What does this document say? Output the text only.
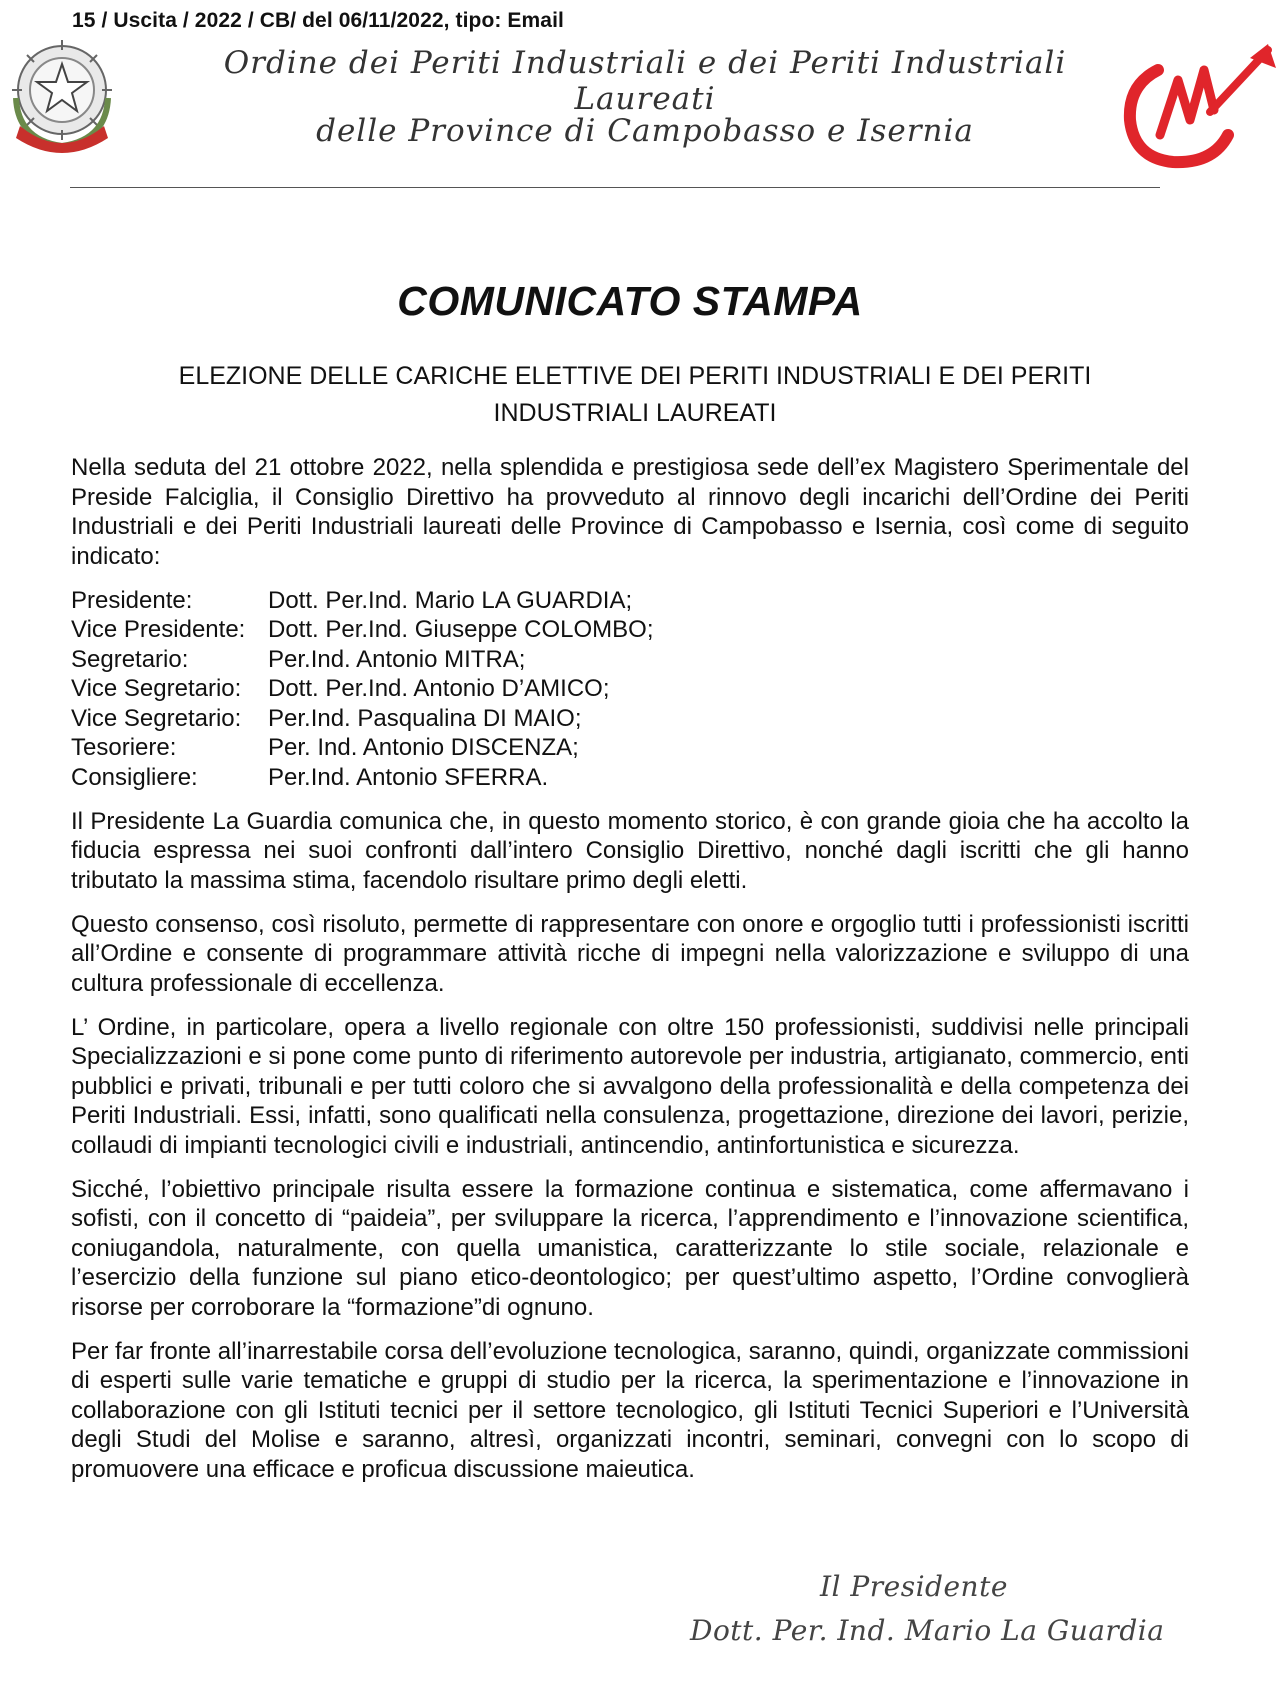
15 / Uscita / 2022 / CB/ del 06/11/2022, tipo: Email
Ordine dei Periti Industriali e dei Periti Industriali Laureati
delle Province di Campobasso e Isernia
COMUNICATO STAMPA
ELEZIONE DELLE CARICHE ELETTIVE DEI PERITI INDUSTRIALI E DEI PERITI
INDUSTRIALI LAUREATI

Nella seduta del 21 ottobre 2022, nella splendida e prestigiosa sede dell’ex Magistero Sperimentale del Preside Falciglia, il Consiglio Direttivo ha provveduto al rinnovo degli incarichi dell’Ordine dei Periti Industriali e dei Periti Industriali laureati delle Province di Campobasso e Isernia, così come di seguito indicato:

Presidente:	Dott. Per.Ind. Mario LA GUARDIA;
Vice Presidente: Dott. Per.Ind. Giuseppe COLOMBO;
Segretario:	Per.Ind. Antonio MITRA;
Vice Segretario:	Dott. Per.Ind. Antonio D’AMICO;
Vice Segretario:	Per.Ind. Pasqualina DI MAIO;
Tesoriere:	Per. Ind. Antonio DISCENZA;
Consigliere:	Per.Ind. Antonio SFERRA.

Il Presidente La Guardia comunica che, in questo momento storico, è con grande gioia che ha accolto la fiducia espressa nei suoi confronti dall’intero Consiglio Direttivo, nonché dagli iscritti che gli hanno tributato la massima stima, facendolo risultare primo degli eletti.

Questo consenso, così risoluto, permette di rappresentare con onore e orgoglio tutti i professionisti iscritti all’Ordine e consente di programmare attività ricche di impegni nella valorizzazione e sviluppo di una cultura professionale di eccellenza.

L’ Ordine, in particolare, opera a livello regionale con oltre 150 professionisti, suddivisi nelle principali Specializzazioni e si pone come punto di riferimento autorevole per industria, artigianato, commercio, enti pubblici e privati, tribunali e per tutti coloro che si avvalgono della professionalità e della competenza dei Periti Industriali. Essi, infatti, sono qualificati nella consulenza, progettazione, direzione dei lavori, perizie, collaudi di impianti tecnologici civili e industriali, antincendio, antinfortunistica e sicurezza.

Sicché, l’obiettivo principale risulta essere la formazione continua e sistematica, come affermavano i sofisti, con il concetto di “paideia”, per sviluppare la ricerca, l’apprendimento e l’innovazione scientifica, coniugandola, naturalmente, con quella umanistica, caratterizzante lo stile sociale, relazionale e l’esercizio della funzione sul piano etico-deontologico; per quest’ultimo aspetto, l’Ordine convoglierà risorse per corroborare la “formazione”di ognuno.

Per far fronte all’inarrestabile corsa dell’evoluzione tecnologica, saranno, quindi, organizzate commissioni di esperti sulle varie tematiche e gruppi di studio per la ricerca, la sperimentazione e l’innovazione in collaborazione con gli Istituti tecnici per il settore tecnologico, gli Istituti Tecnici Superiori e l’Università degli Studi del Molise e saranno, altresì, organizzati incontri, seminari, convegni con lo scopo di promuovere una efficace e proficua discussione maieutica.

Il Presidente
Dott. Per. Ind. Mario La Guardia
